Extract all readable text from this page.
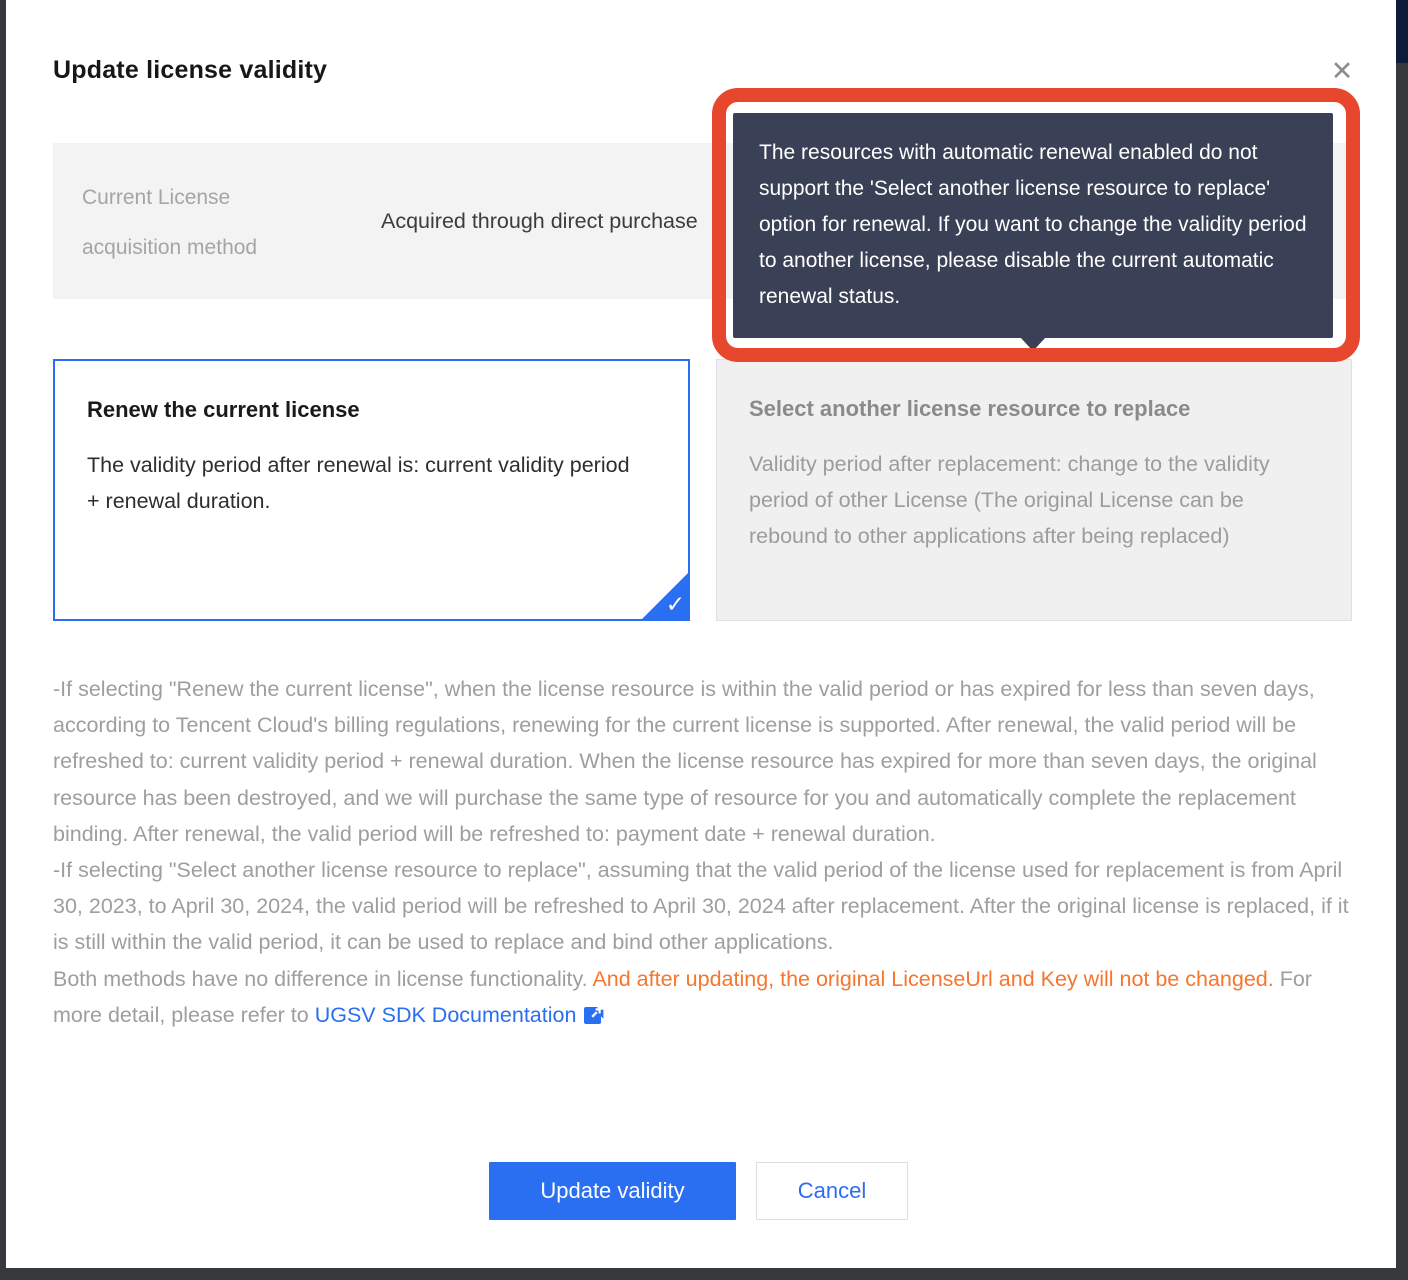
Update license validity	✕
Current License acquisition method
Acquired through direct purchase
Renew the current license
The validity period after renewal is: current validity period + renewal duration.
✓
Select another license resource to replace
Validity period after replacement: change to the validity period of other License (The original License can be rebound to other applications after being replaced)

-If selecting "Renew the current license", when the license resource is within the valid period or has expired for less than seven days, according to Tencent Cloud's billing regulations, renewing for the current license is supported. After renewal, the valid period will be refreshed to: current validity period + renewal duration. When the license resource has expired for more than seven days, the original resource has been destroyed, and we will purchase the same type of resource for you and automatically complete the replacement binding. After renewal, the valid period will be refreshed to: payment date + renewal duration.

-If selecting "Select another license resource to replace", assuming that the valid period of the license used for replacement is from April 30, 2023, to April 30, 2024, the valid period will be refreshed to April 30, 2024 after replacement. After the original license is replaced, if it is still within the valid period, it can be used to replace and bind other applications.

Both methods have no difference in license functionality. And after updating, the original LicenseUrl and Key will not be changed. For more detail, please refer to UGSV SDK Documentation

Update validity	Cancel
The resources with automatic renewal enabled do not support the 'Select another license resource to replace' option for renewal. If you want to change the validity period to another license, please disable the current automatic renewal status.
